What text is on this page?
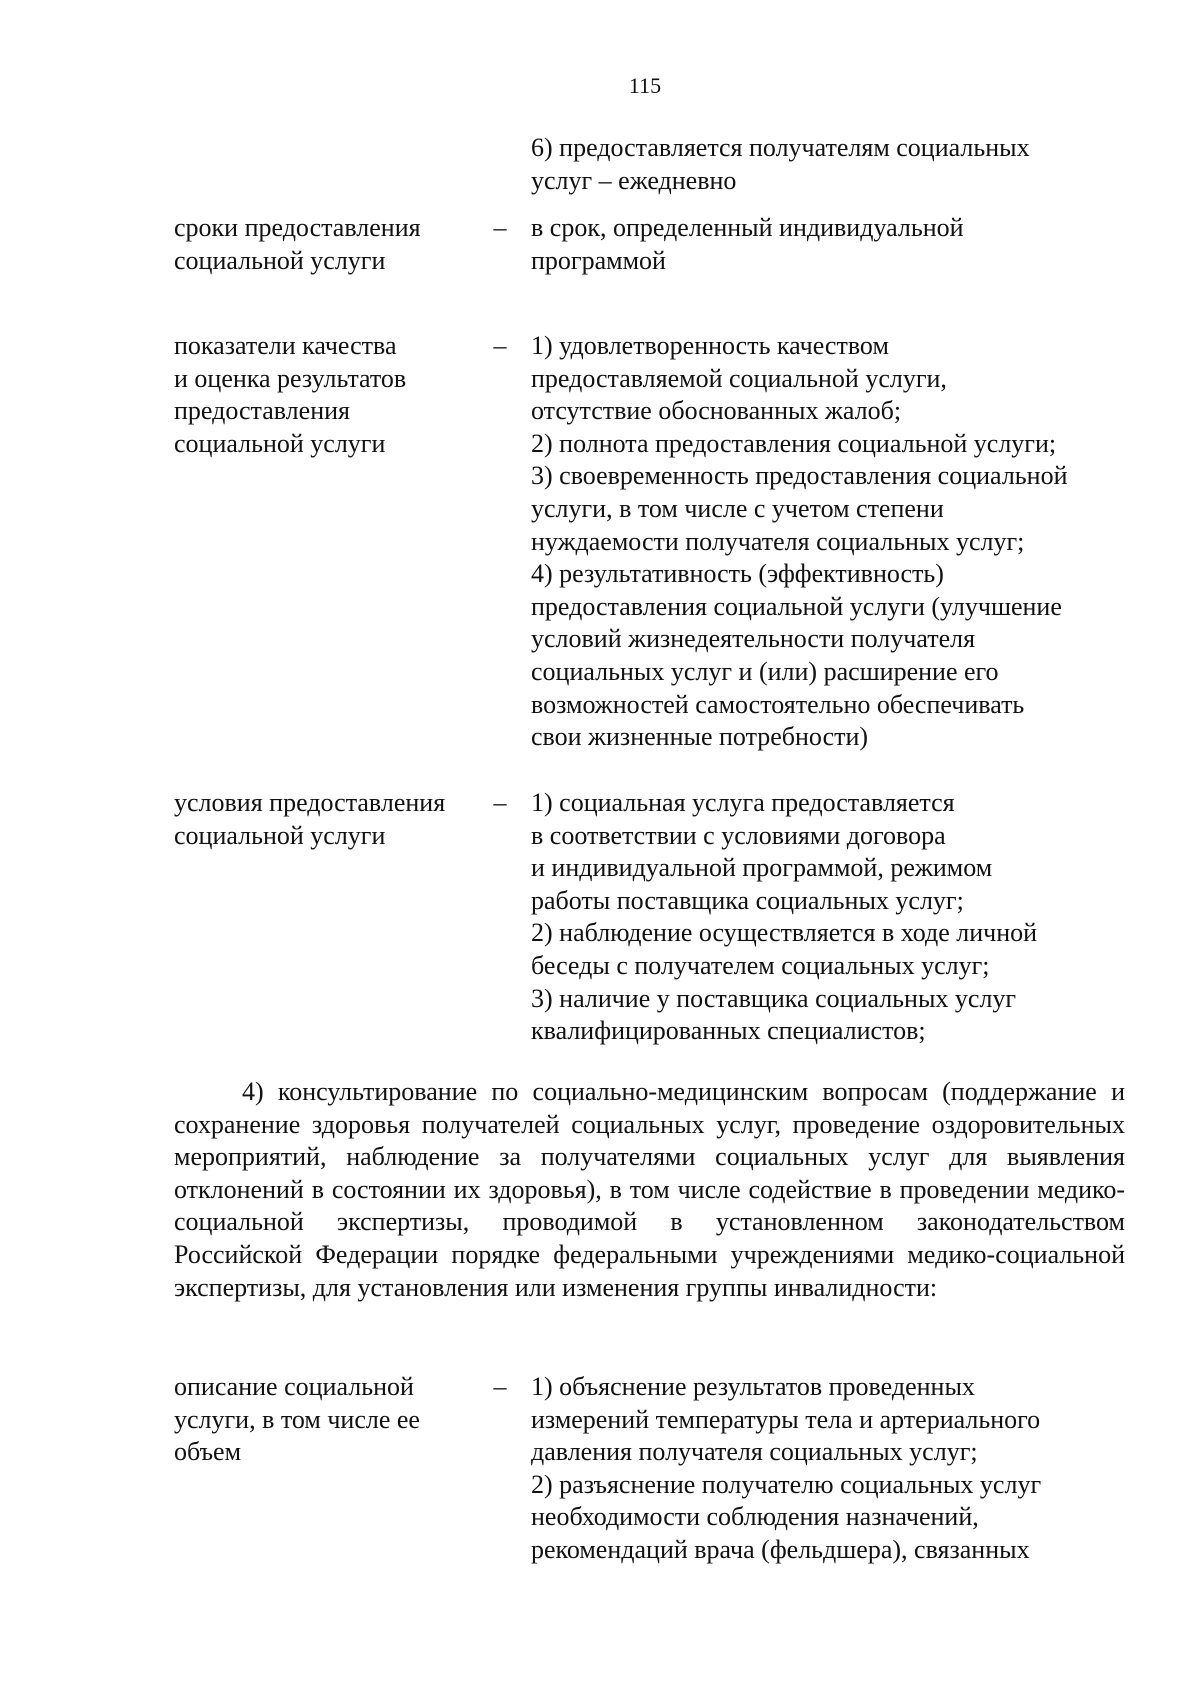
115
6) предоставляется получателям социальных
услуг – ежедневно
сроки предоставления
социальной услуги
– в срок, определенный индивидуальной
программой
показатели качества
и оценка результатов
предоставления
социальной услуги
– 1) удовлетворенность качеством
предоставляемой социальной услуги,
отсутствие обоснованных жалоб;
2) полнота предоставления социальной услуги;
3) своевременность предоставления социальной
услуги, в том числе с учетом степени
нуждаемости получателя социальных услуг;
4) результативность (эффективность)
предоставления социальной услуги (улучшение
условий жизнедеятельности получателя
социальных услуг и (или) расширение его
возможностей самостоятельно обеспечивать
свои жизненные потребности)
условия предоставления
социальной услуги
– 1) социальная услуга предоставляется
в соответствии с условиями договора
и индивидуальной программой, режимом
работы поставщика социальных услуг;
2) наблюдение осуществляется в ходе личной
беседы с получателем социальных услуг;
3) наличие у поставщика социальных услуг
квалифицированных специалистов;
4) консультирование по социально-медицинским вопросам (поддержание и сохранение здоровья получателей социальных услуг, проведение оздоровительных мероприятий, наблюдение за получателями социальных услуг для выявления отклонений в состоянии их здоровья), в том числе содействие в проведении медико-социальной экспертизы, проводимой в установленном законодательством Российской Федерации порядке федеральными учреждениями медико-социальной экспертизы, для установления или изменения группы инвалидности:
описание социальной
услуги, в том числе ее
объем
– 1) объяснение результатов проведенных
измерений температуры тела и артериального
давления получателя социальных услуг;
2) разъяснение получателю социальных услуг
необходимости соблюдения назначений,
рекомендаций врача (фельдшера), связанных
